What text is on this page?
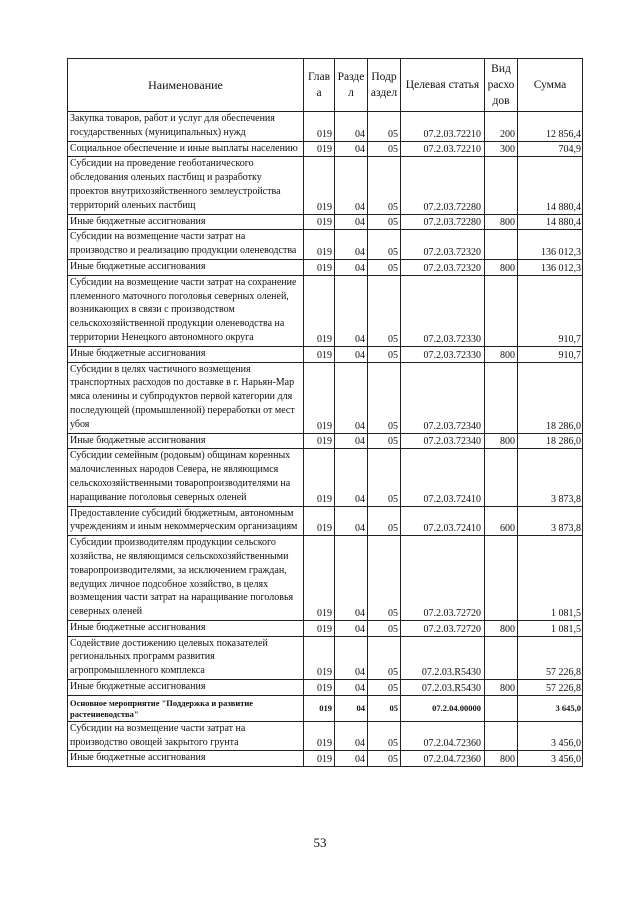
Наименование	Глав а	Разде л	Подр аздел	Целевая статья	Вид расхо дов	Сумма
Закупка товаров, работ и услуг для обеспечения государственных (муниципальных) нужд	019	04	05	07.2.03.72210	200	12 856,4
Социальное обеспечение и иные выплаты населению	019	04	05	07.2.03.72210	300	704,9
Субсидии на проведение геоботанического обследования оленьих пастбищ и разработку проектов внутрихозяйственного землеустройства территорий оленьих пастбищ	019	04	05	07.2.03.72280		14 880,4
Иные бюджетные ассигнования	019	04	05	07.2.03.72280	800	14 880,4
Субсидии на возмещение части затрат на производство и реализацию продукции оленеводства	019	04	05	07.2.03.72320		136 012,3
Иные бюджетные ассигнования	019	04	05	07.2.03.72320	800	136 012,3
Субсидии на возмещение части затрат на сохранение племенного маточного поголовья северных оленей, возникающих в связи с производством сельскохозяйственной продукции оленеводства на территории Ненецкого автономного округа	019	04	05	07.2.03.72330		910,7
Иные бюджетные ассигнования	019	04	05	07.2.03.72330	800	910,7
Субсидии в целях частичного возмещения транспортных расходов по доставке в г. Нарьян-Мар мяса оленины и субпродуктов первой категории для последующей (промышленной) переработки от мест убоя	019	04	05	07.2.03.72340		18 286,0
Иные бюджетные ассигнования	019	04	05	07.2.03.72340	800	18 286,0
Субсидии семейным (родовым) общинам коренных малочисленных народов Севера, не являющимся сельскохозяйственными товаропроизводителями на наращивание поголовья северных оленей	019	04	05	07.2.03.72410		3 873,8
Предоставление субсидий бюджетным, автономным учреждениям и иным некоммерческим организациям	019	04	05	07.2.03.72410	600	3 873,8
Субсидии производителям продукции сельского хозяйства, не являющимся сельскохозяйственными товаропроизводителями, за исключением граждан, ведущих личное подсобное хозяйство, в целях возмещения части затрат на наращивание поголовья северных оленей	019	04	05	07.2.03.72720		1 081,5
Иные бюджетные ассигнования	019	04	05	07.2.03.72720	800	1 081,5
Содействие достижению целевых показателей региональных программ развития агропромышленного комплекса	019	04	05	07.2.03.R5430		57 226,8
Иные бюджетные ассигнования	019	04	05	07.2.03.R5430	800	57 226,8
Основное мероприятие "Поддержка и развитие растениеводства"	019	04	05	07.2.04.00000		3 645,0
Субсидии на возмещение части затрат на производство овощей закрытого грунта	019	04	05	07.2.04.72360		3 456,0
Иные бюджетные ассигнования	019	04	05	07.2.04.72360	800	3 456,0
53
